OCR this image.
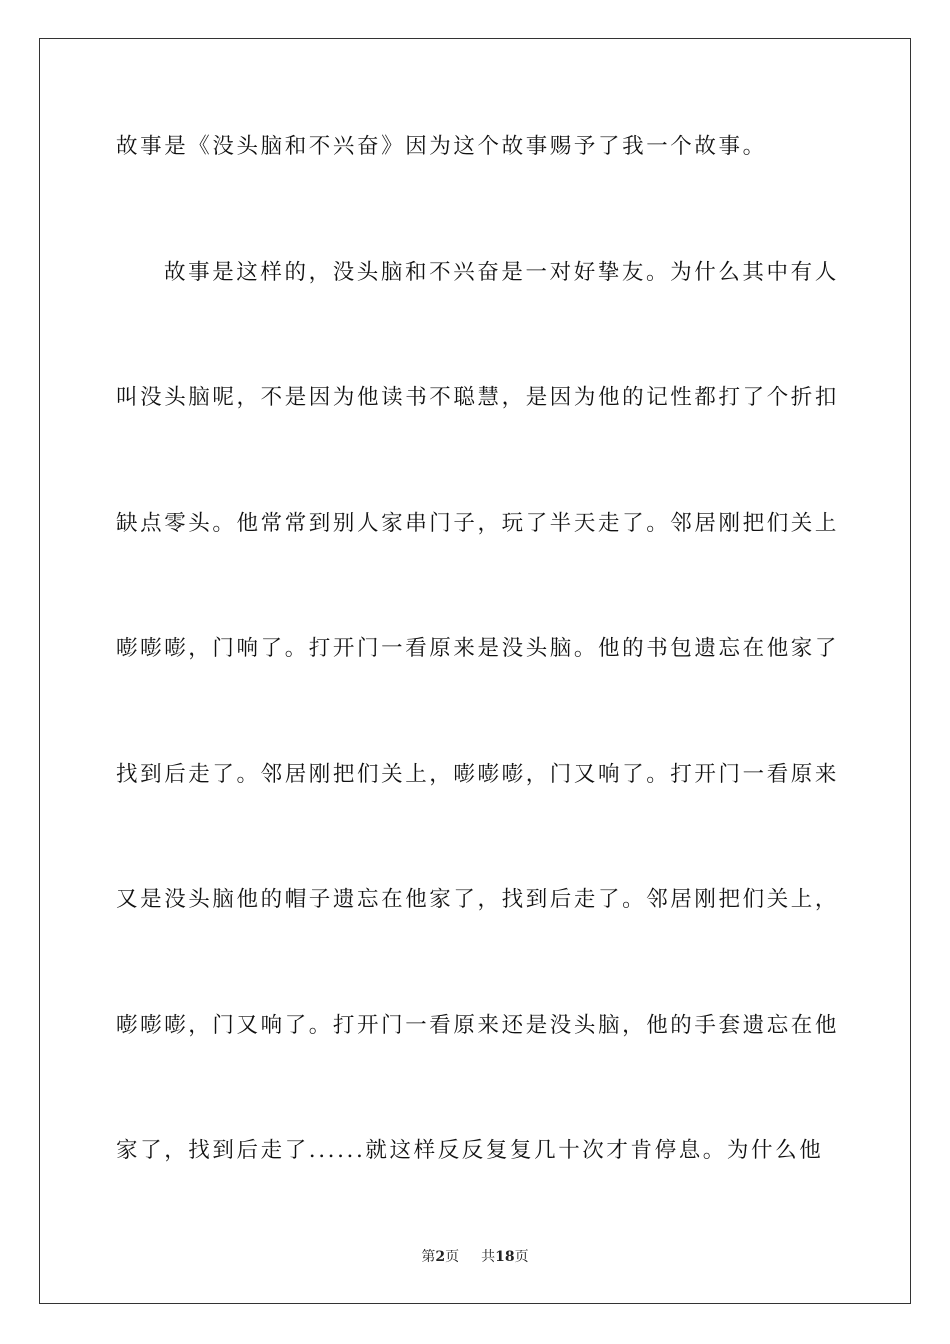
故事是《没头脑和不兴奋》因为这个故事赐予了我一个故事。
故事是这样的，没头脑和不兴奋是一对好挚友。为什么其中有人
叫没头脑呢，不是因为他读书不聪慧，是因为他的记性都打了个折扣
缺点零头。他常常到别人家串门子，玩了半天走了。邻居刚把们关上
嘭嘭嘭，门响了。打开门一看原来是没头脑。他的书包遗忘在他家了
找到后走了。邻居刚把们关上，嘭嘭嘭，门又响了。打开门一看原来
又是没头脑他的帽子遗忘在他家了，找到后走了。邻居刚把们关上，
嘭嘭嘭，门又响了。打开门一看原来还是没头脑，他的手套遗忘在他
家了，找到后走了......就这样反反复复几十次才肯停息。为什么他
第2页 共18页
